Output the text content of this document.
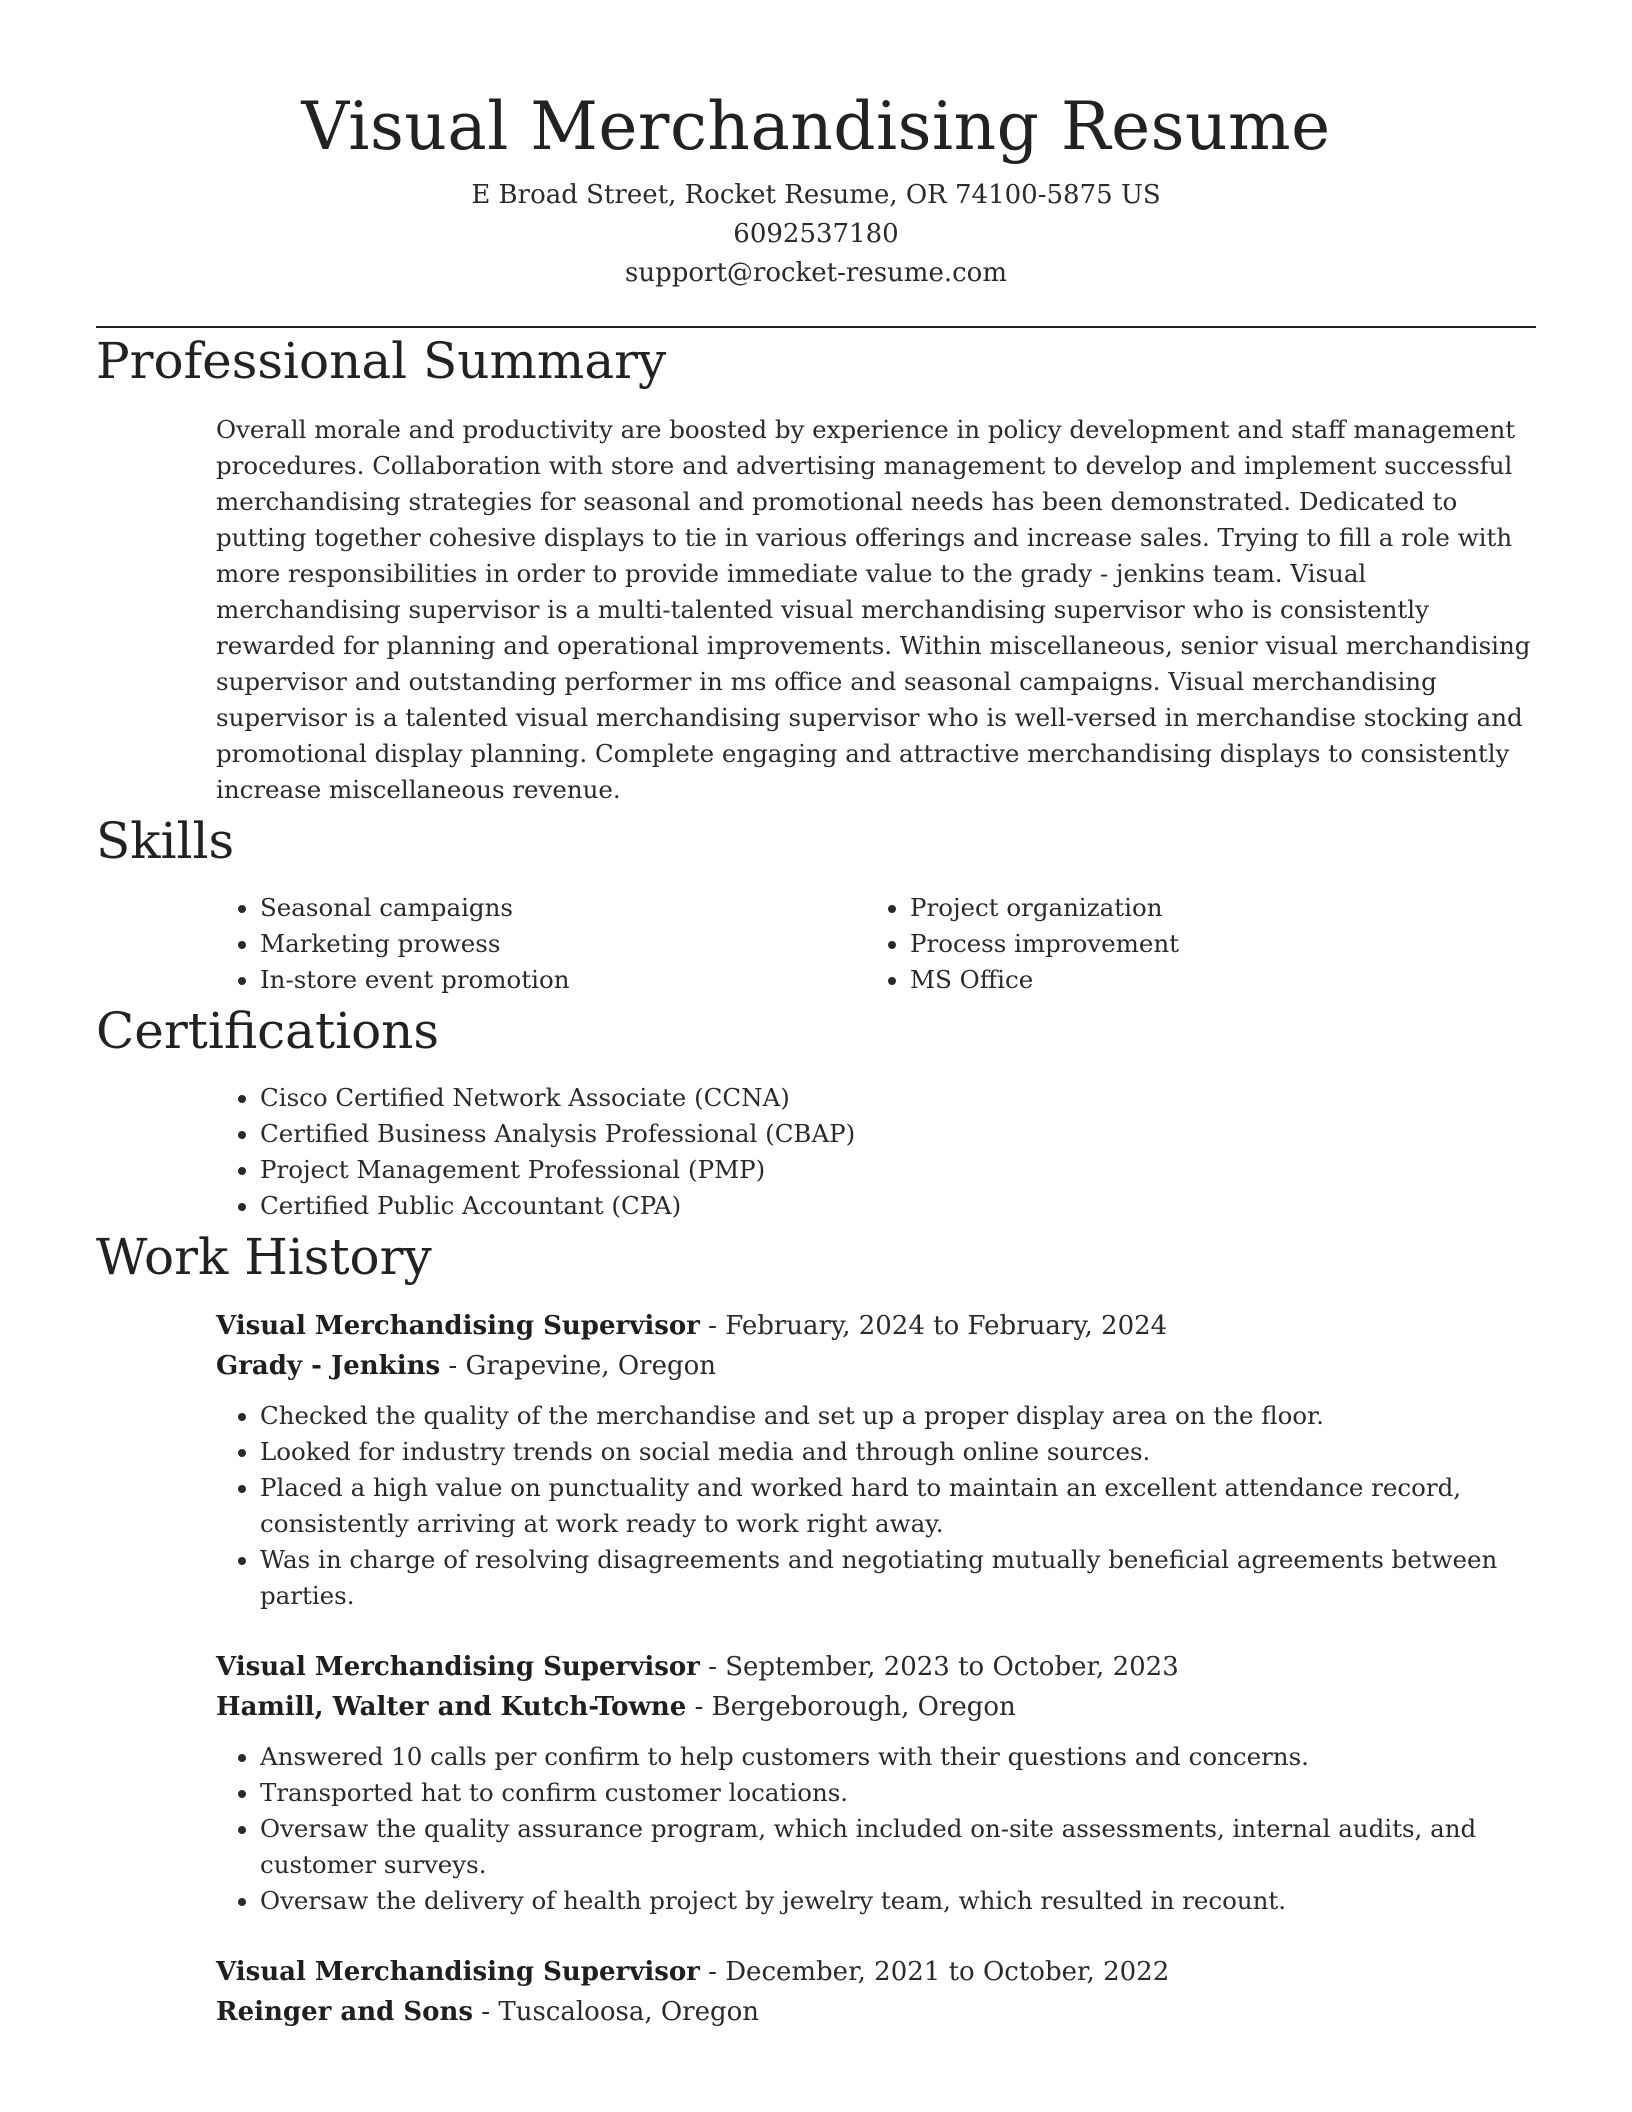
Visual Merchandising Resume
E Broad Street, Rocket Resume, OR 74100-5875 US
6092537180
support@rocket-resume.com
Professional Summary
Overall morale and productivity are boosted by experience in policy development and staff management procedures. Collaboration with store and advertising management to develop and implement successful merchandising strategies for seasonal and promotional needs has been demonstrated. Dedicated to putting together cohesive displays to tie in various offerings and increase sales. Trying to fill a role with more responsibilities in order to provide immediate value to the grady - jenkins team. Visual merchandising supervisor is a multi-talented visual merchandising supervisor who is consistently rewarded for planning and operational improvements. Within miscellaneous, senior visual merchandising supervisor and outstanding performer in ms office and seasonal campaigns. Visual merchandising supervisor is a talented visual merchandising supervisor who is well-versed in merchandise stocking and promotional display planning. Complete engaging and attractive merchandising displays to consistently increase miscellaneous revenue.
Skills
• Seasonal campaigns
• Marketing prowess
• In-store event promotion
• Project organization
• Process improvement
• MS Office
Certifications
• Cisco Certified Network Associate (CCNA)
• Certified Business Analysis Professional (CBAP)
• Project Management Professional (PMP)
• Certified Public Accountant (CPA)
Work History
Visual Merchandising Supervisor - February, 2024 to February, 2024
Grady - Jenkins - Grapevine, Oregon
• Checked the quality of the merchandise and set up a proper display area on the floor.
• Looked for industry trends on social media and through online sources.
• Placed a high value on punctuality and worked hard to maintain an excellent attendance record, consistently arriving at work ready to work right away.
• Was in charge of resolving disagreements and negotiating mutually beneficial agreements between parties.
Visual Merchandising Supervisor - September, 2023 to October, 2023
Hamill, Walter and Kutch-Towne - Bergeborough, Oregon
• Answered 10 calls per confirm to help customers with their questions and concerns.
• Transported hat to confirm customer locations.
• Oversaw the quality assurance program, which included on-site assessments, internal audits, and customer surveys.
• Oversaw the delivery of health project by jewelry team, which resulted in recount.
Visual Merchandising Supervisor - December, 2021 to October, 2022
Reinger and Sons - Tuscaloosa, Oregon
